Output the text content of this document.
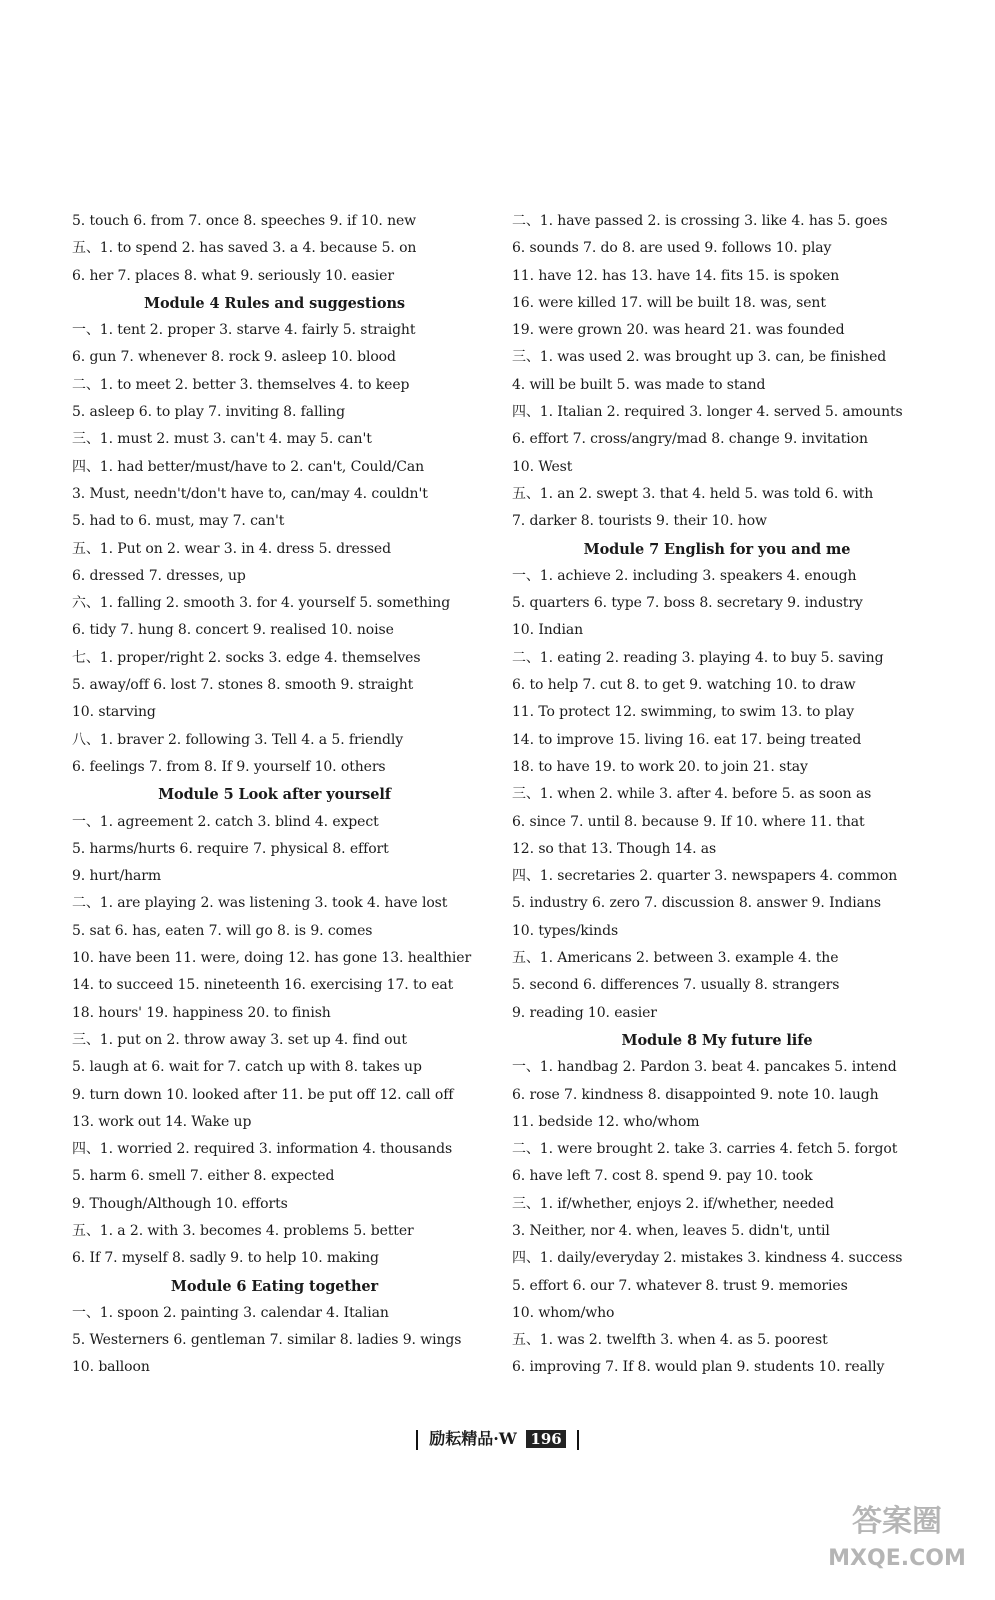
5. touch 6. from 7. once 8. speeches 9. if 10. new
五、1. to spend 2. has saved 3. a 4. because 5. on
6. her 7. places 8. what 9. seriously 10. easier
Module 4 Rules and suggestions
一、1. tent 2. proper 3. starve 4. fairly 5. straight
6. gun 7. whenever 8. rock 9. asleep 10. blood
二、1. to meet 2. better 3. themselves 4. to keep
5. asleep 6. to play 7. inviting 8. falling
三、1. must 2. must 3. can't 4. may 5. can't
四、1. had better/must/have to 2. can't, Could/Can
3. Must, needn't/don't have to, can/may 4. couldn't
5. had to 6. must, may 7. can't
五、1. Put on 2. wear 3. in 4. dress 5. dressed
6. dressed 7. dresses, up
六、1. falling 2. smooth 3. for 4. yourself 5. something
6. tidy 7. hung 8. concert 9. realised 10. noise
七、1. proper/right 2. socks 3. edge 4. themselves
5. away/off 6. lost 7. stones 8. smooth 9. straight
10. starving
八、1. braver 2. following 3. Tell 4. a 5. friendly
6. feelings 7. from 8. If 9. yourself 10. others
Module 5 Look after yourself
一、1. agreement 2. catch 3. blind 4. expect
5. harms/hurts 6. require 7. physical 8. effort
9. hurt/harm
二、1. are playing 2. was listening 3. took 4. have lost
5. sat 6. has, eaten 7. will go 8. is 9. comes
10. have been 11. were, doing 12. has gone 13. healthier
14. to succeed 15. nineteenth 16. exercising 17. to eat
18. hours' 19. happiness 20. to finish
三、1. put on 2. throw away 3. set up 4. find out
5. laugh at 6. wait for 7. catch up with 8. takes up
9. turn down 10. looked after 11. be put off 12. call off
13. work out 14. Wake up
四、1. worried 2. required 3. information 4. thousands
5. harm 6. smell 7. either 8. expected
9. Though/Although 10. efforts
五、1. a 2. with 3. becomes 4. problems 5. better
6. If 7. myself 8. sadly 9. to help 10. making
Module 6 Eating together
一、1. spoon 2. painting 3. calendar 4. Italian
5. Westerners 6. gentleman 7. similar 8. ladies 9. wings
10. balloon
二、1. have passed 2. is crossing 3. like 4. has 5. goes
6. sounds 7. do 8. are used 9. follows 10. play
11. have 12. has 13. have 14. fits 15. is spoken
16. were killed 17. will be built 18. was, sent
19. were grown 20. was heard 21. was founded
三、1. was used 2. was brought up 3. can, be finished
4. will be built 5. was made to stand
四、1. Italian 2. required 3. longer 4. served 5. amounts
6. effort 7. cross/angry/mad 8. change 9. invitation
10. West
五、1. an 2. swept 3. that 4. held 5. was told 6. with
7. darker 8. tourists 9. their 10. how
Module 7 English for you and me
一、1. achieve 2. including 3. speakers 4. enough
5. quarters 6. type 7. boss 8. secretary 9. industry
10. Indian
二、1. eating 2. reading 3. playing 4. to buy 5. saving
6. to help 7. cut 8. to get 9. watching 10. to draw
11. To protect 12. swimming, to swim 13. to play
14. to improve 15. living 16. eat 17. being treated
18. to have 19. to work 20. to join 21. stay
三、1. when 2. while 3. after 4. before 5. as soon as
6. since 7. until 8. because 9. If 10. where 11. that
12. so that 13. Though 14. as
四、1. secretaries 2. quarter 3. newspapers 4. common
5. industry 6. zero 7. discussion 8. answer 9. Indians
10. types/kinds
五、1. Americans 2. between 3. example 4. the
5. second 6. differences 7. usually 8. strangers
9. reading 10. easier
Module 8 My future life
一、1. handbag 2. Pardon 3. beat 4. pancakes 5. intend
6. rose 7. kindness 8. disappointed 9. note 10. laugh
11. bedside 12. who/whom
二、1. were brought 2. take 3. carries 4. fetch 5. forgot
6. have left 7. cost 8. spend 9. pay 10. took
三、1. if/whether, enjoys 2. if/whether, needed
3. Neither, nor 4. when, leaves 5. didn't, until
四、1. daily/everyday 2. mistakes 3. kindness 4. success
5. effort 6. our 7. whatever 8. trust 9. memories
10. whom/who
五、1. was 2. twelfth 3. when 4. as 5. poorest
6. improving 7. If 8. would plan 9. students 10. really
励耘精品·W 196
答案圈
MXQE.COM
